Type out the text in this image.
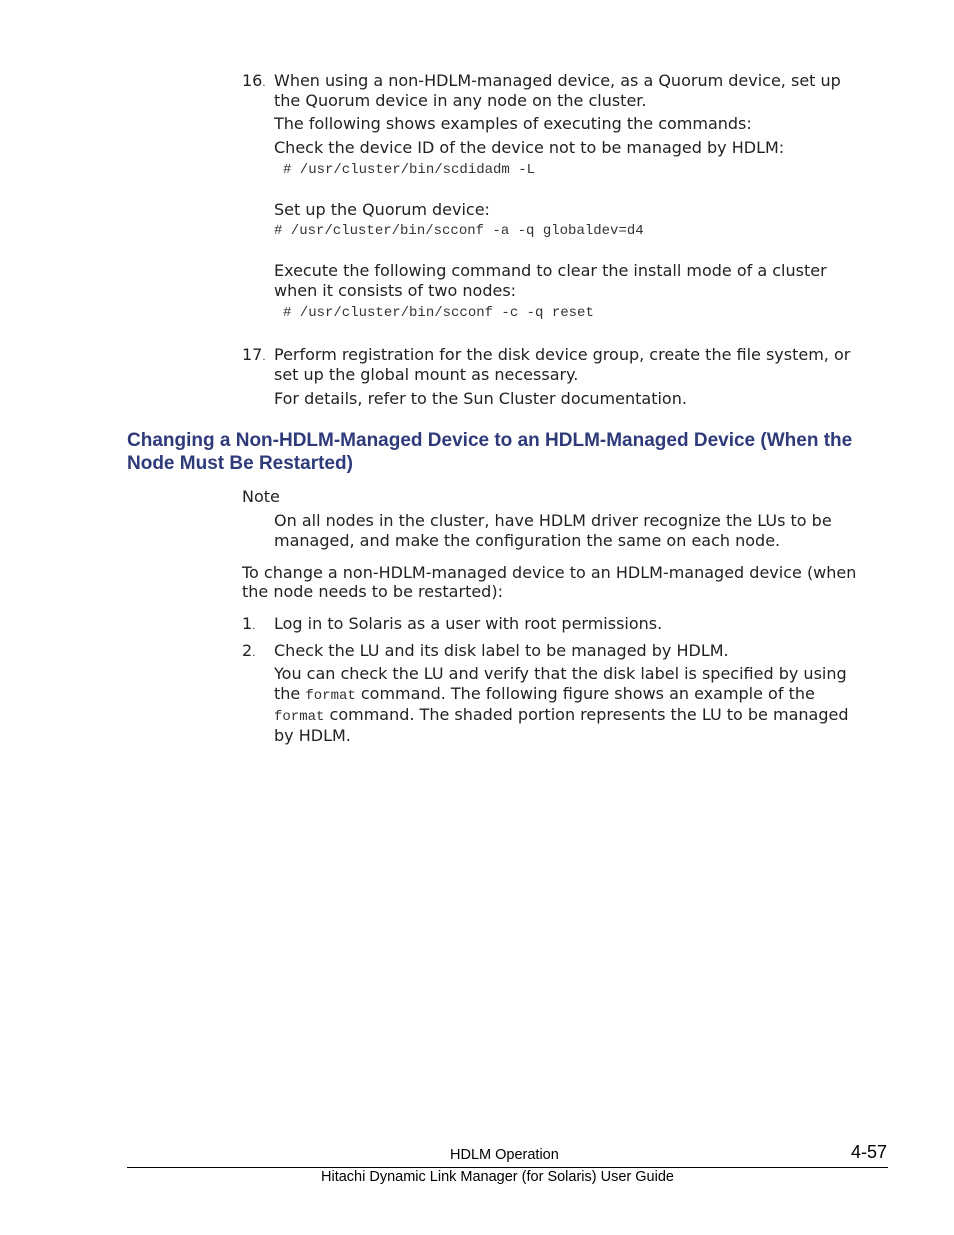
16. When using a non-HDLM-managed device, as a Quorum device, set up
the Quorum device in any node on the cluster.
The following shows examples of executing the commands:
Check the device ID of the device not to be managed by HDLM:
# /usr/cluster/bin/scdidadm -L
Set up the Quorum device:
# /usr/cluster/bin/scconf -a -q globaldev=d4
Execute the following command to clear the install mode of a cluster
when it consists of two nodes:
# /usr/cluster/bin/scconf -c -q reset
17. Perform registration for the disk device group, create the file system, or
set up the global mount as necessary.
For details, refer to the Sun Cluster documentation.
Changing a Non-HDLM-Managed Device to an HDLM-Managed Device (When the
Node Must Be Restarted)
Note
On all nodes in the cluster, have HDLM driver recognize the LUs to be
managed, and make the configuration the same on each node.
To change a non-HDLM-managed device to an HDLM-managed device (when
the node needs to be restarted):
1. Log in to Solaris as a user with root permissions.
2. Check the LU and its disk label to be managed by HDLM.
You can check the LU and verify that the disk label is specified by using
the format command. The following figure shows an example of the
format command. The shaded portion represents the LU to be managed
by HDLM.
HDLM Operation	4-57
Hitachi Dynamic Link Manager (for Solaris) User Guide
